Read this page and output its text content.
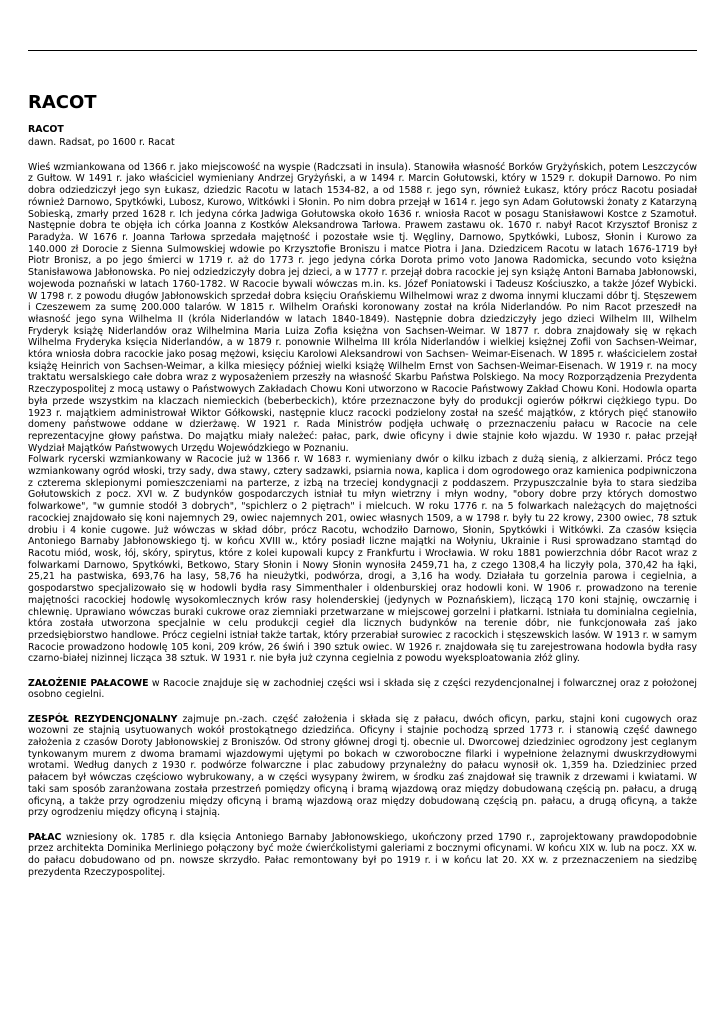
RACOT
RACOT
dawn. Radsat, po 1600 r. Racat

Wieś wzmiankowana od 1366 r. jako miejscowość na wyspie (Radczsati in insula). Stanowiła własność Borków Gryżyńskich, potem Leszczyców z Gułtow. W 1491 r. jako właściciel wymieniany Andrzej Gryżyński, a w 1494 r. Marcin Gołutowski, który w 1529 r. dokupił Darnowo. Po nim dobra odziedziczył jego syn Łukasz, dziedzic Racotu w latach 1534-82, a od 1588 r. jego syn, również Łukasz, który prócz Racotu posiadał również Darnowo, Spytkówki, Lubosz, Kurowo, Witkówki i Słonin. Po nim dobra przejął w 1614 r. jego syn Adam Gołutowski żonaty z Katarzyną Sobieską, zmarły przed 1628 r. Ich jedyna córka Jadwiga Gołutowska około 1636 r. wniosła Racot w posagu Stanisławowi Kostce z Szamotuł. Następnie dobra te objęła ich córka Joanna z Kostków Aleksandrowa Tarłowa. Prawem zastawu ok. 1670 r. nabył Racot Krzysztof Bronisz z Paradyża. W 1676 r. Joanna Tarłowa sprzedała majętność i pozostałe wsie tj. Węgliny, Darnowo, Spytkówki, Lubosz, Słonin i Kurowo za 140.000 zł Dorocie z Sienna Sulmowskiej wdowie po Krzysztofie Broniszu i matce Piotra i Jana. Dziedzicem Racotu w latach 1676-1719 był Piotr Bronisz, a po jego śmierci w 1719 r. aż do 1773 r. jego jedyna córka Dorota primo voto Janowa Radomicka, secundo voto księżna Stanisławowa Jabłonowska. Po niej odziedziczyły dobra jej dzieci, a w 1777 r. przejął dobra racockie jej syn książę Antoni Barnaba Jabłonowski, wojewoda poznański w latach 1760-1782. W Racocie bywali wówczas m.in. ks. Józef Poniatowski i Tadeusz Kościuszko, a także Józef Wybicki. W 1798 r. z powodu długów Jabłonowskich sprzedał dobra księciu Orańskiemu Wilhelmowi wraz z dwoma innymi kluczami dóbr tj. Stęszewem i Czeszewem za sumę 200.000 talarów. W 1815 r. Wilhelm Orański koronowany został na króla Niderlandów. Po nim Racot przeszedł na własność jego syna Wilhelma II (króla Niderlandów w latach 1840-1849). Następnie dobra dziedziczyły jego dzieci Wilhelm III, Wilhelm Fryderyk książę Niderlandów oraz Wilhelmina Maria Luiza Zofia księżna von Sachsen-Weimar. W 1877 r. dobra znajdowały się w rękach Wilhelma Fryderyka księcia Niderlandów, a w 1879 r. ponownie Wilhelma III króla Niderlandów i wielkiej księżnej Zofii von Sachsen-Weimar, która wniosła dobra racockie jako posag mężowi, księciu Karolowi Aleksandrowi von Sachsen- Weimar-Eisenach. W 1895 r. właścicielem został książę Heinrich von Sachsen-Weimar, a kilka miesięcy później wielki książę Wilhelm Ernst von Sachsen-Weimar-Eisenach. W 1919 r. na mocy traktatu wersalskiego całe dobra wraz z wyposażeniem przeszły na własność Skarbu Państwa Polskiego. Na mocy Rozporządzenia Prezydenta Rzeczypospolitej z mocą ustawy o Państwowych Zakładach Chowu Koni utworzono w Racocie Państwowy Zakład Chowu Koni. Hodowla oparta była przede wszystkim na klaczach niemieckich (beberbeckich), które przeznaczone były do produkcji ogierów półkrwi ciężkiego typu. Do 1923 r. majątkiem administrował Wiktor Gółkowski, następnie klucz racocki podzielony został na sześć majątków, z których pięć stanowiło domeny państwowe oddane w dzierżawę. W 1921 r. Rada Ministrów podjęła uchwałę o przeznaczeniu pałacu w Racocie na cele reprezentacyjne głowy państwa. Do majątku miały należeć: pałac, park, dwie oficyny i dwie stajnie koło wjazdu. W 1930 r. pałac przejął Wydział Majątków Państwowych Urzędu Wojewódzkiego w Poznaniu.

Folwark rycerski wzmiankowany w Racocie już w 1366 r. W 1683 r. wymieniany dwór o kilku izbach z dużą sienią, z alkierzami. Prócz tego wzmiankowany ogród włoski, trzy sady, dwa stawy, cztery sadzawki, psiarnia nowa, kaplica i dom ogrodowego oraz kamienica podpiwniczona z czterema sklepionymi pomieszczeniami na parterze, z izbą na trzeciej kondygnacji z poddaszem. Przypuszczalnie była to stara siedziba Gołutowskich z pocz. XVI w. Z budynków gospodarczych istniał tu młyn wietrzny i młyn wodny, "obory dobre przy których domostwo folwarkowe", "w gumnie stodół 3 dobrych", "spichlerz o 2 piętrach" i mielcuch. W roku 1776 r. na 5 folwarkach należących do majętności racockiej znajdowało się koni najemnych 29, owiec najemnych 201, owiec własnych 1509, a w 1798 r. były tu 22 krowy, 2300 owiec, 78 sztuk drobiu i 4 konie cugowe. Już wówczas w skład dóbr, prócz Racotu, wchodziło Darnowo, Słonin, Spytkówki i Witkówki. Za czasów księcia Antoniego Barnaby Jabłonowskiego tj. w końcu XVIII w., który posiadł liczne majątki na Wołyniu, Ukrainie i Rusi sprowadzano stamtąd do Racotu miód, wosk, łój, skóry, spirytus, które z kolei kupowali kupcy z Frankfurtu i Wrocławia. W roku 1881 powierzchnia dóbr Racot wraz z folwarkami Darnowo, Spytkówki, Betkowo, Stary Słonin i Nowy Słonin wynosiła 2459,71 ha, z czego 1308,4 ha liczyły pola, 370,42 ha łąki, 25,21 ha pastwiska, 693,76 ha lasy, 58,76 ha nieużytki, podwórza, drogi, a 3,16 ha wody. Działała tu gorzelnia parowa i cegielnia, a gospodarstwo specjalizowało się w hodowli bydła rasy Simmenthaler i oldenburskiej oraz hodowli koni. W 1906 r. prowadzono na terenie majętności racockiej hodowlę wysokomlecznych krów rasy holenderskiej (jedynych w Poznańskiem), liczącą 170 koni stajnię, owczarnię i chlewnię. Uprawiano wówczas buraki cukrowe oraz ziemniaki przetwarzane w miejscowej gorzelni i płatkarni. Istniała tu dominialna cegielnia, która została utworzona specjalnie w celu produkcji cegieł dla licznych budynków na terenie dóbr, nie funkcjonowała zaś jako przedsiębiorstwo handlowe. Prócz cegielni istniał także tartak, który przerabiał surowiec z racockich i stęszewskich lasów. W 1913 r. w samym Racocie prowadzono hodowlę 105 koni, 209 krów, 26 świń i 390 sztuk owiec. W 1926 r. znajdowała się tu zarejestrowana hodowla bydła rasy czarno-białej nizinnej licząca 38 sztuk. W 1931 r. nie była już czynna cegielnia z powodu wyeksploatowania złóż gliny.

ZAŁOŻENIE PAŁACOWE w Racocie znajduje się w zachodniej części wsi i składa się z części rezydencjonalnej i folwarcznej oraz z położonej osobno cegielni.

ZESPÓŁ REZYDENCJONALNY zajmuje pn.-zach. część założenia i składa się z pałacu, dwóch oficyn, parku, stajni koni cugowych oraz wozowni ze stajnią usytuowanych wokół prostokątnego dziedzińca. Oficyny i stajnie pochodzą sprzed 1773 r. i stanowią część dawnego założenia z czasów Doroty Jabłonowskiej z Broniszów. Od strony głównej drogi tj. obecnie ul. Dworcowej dziedziniec ogrodzony jest ceglanym tynkowanym murem z dwoma bramami wjazdowymi ujętymi po bokach w czworoboczne filarki i wypełnione żelaznymi dwuskrzydłowymi wrotami. Według danych z 1930 r. podwórze folwarczne i plac zabudowy przynależny do pałacu wynosił ok. 1,359 ha. Dziedziniec przed pałacem był wówczas częściowo wybrukowany, a w części wysypany żwirem, w środku zaś znajdował się trawnik z drzewami i kwiatami. W taki sam sposób zaranżowana została przestrzeń pomiędzy oficyną i bramą wjazdową oraz między dobudowaną częścią pn. pałacu, a drugą oficyną, a także przy ogrodzeniu między oficyną i bramą wjazdową oraz między dobudowaną częścią pn. pałacu, a drugą oficyną, a także przy ogrodzeniu między oficyną i stajnią.

PAŁAC wzniesiony ok. 1785 r. dla księcia Antoniego Barnaby Jabłonowskiego, ukończony przed 1790 r., zaprojektowany prawdopodobnie przez architekta Dominika Merliniego połączony być może ćwierćkolistymi galeriami z bocznymi oficynami. W końcu XIX w. lub na pocz. XX w. do pałacu dobudowano od pn. nowsze skrzydło. Pałac remontowany był po 1919 r. i w końcu lat 20. XX w. z przeznaczeniem na siedzibę prezydenta Rzeczypospolitej.
